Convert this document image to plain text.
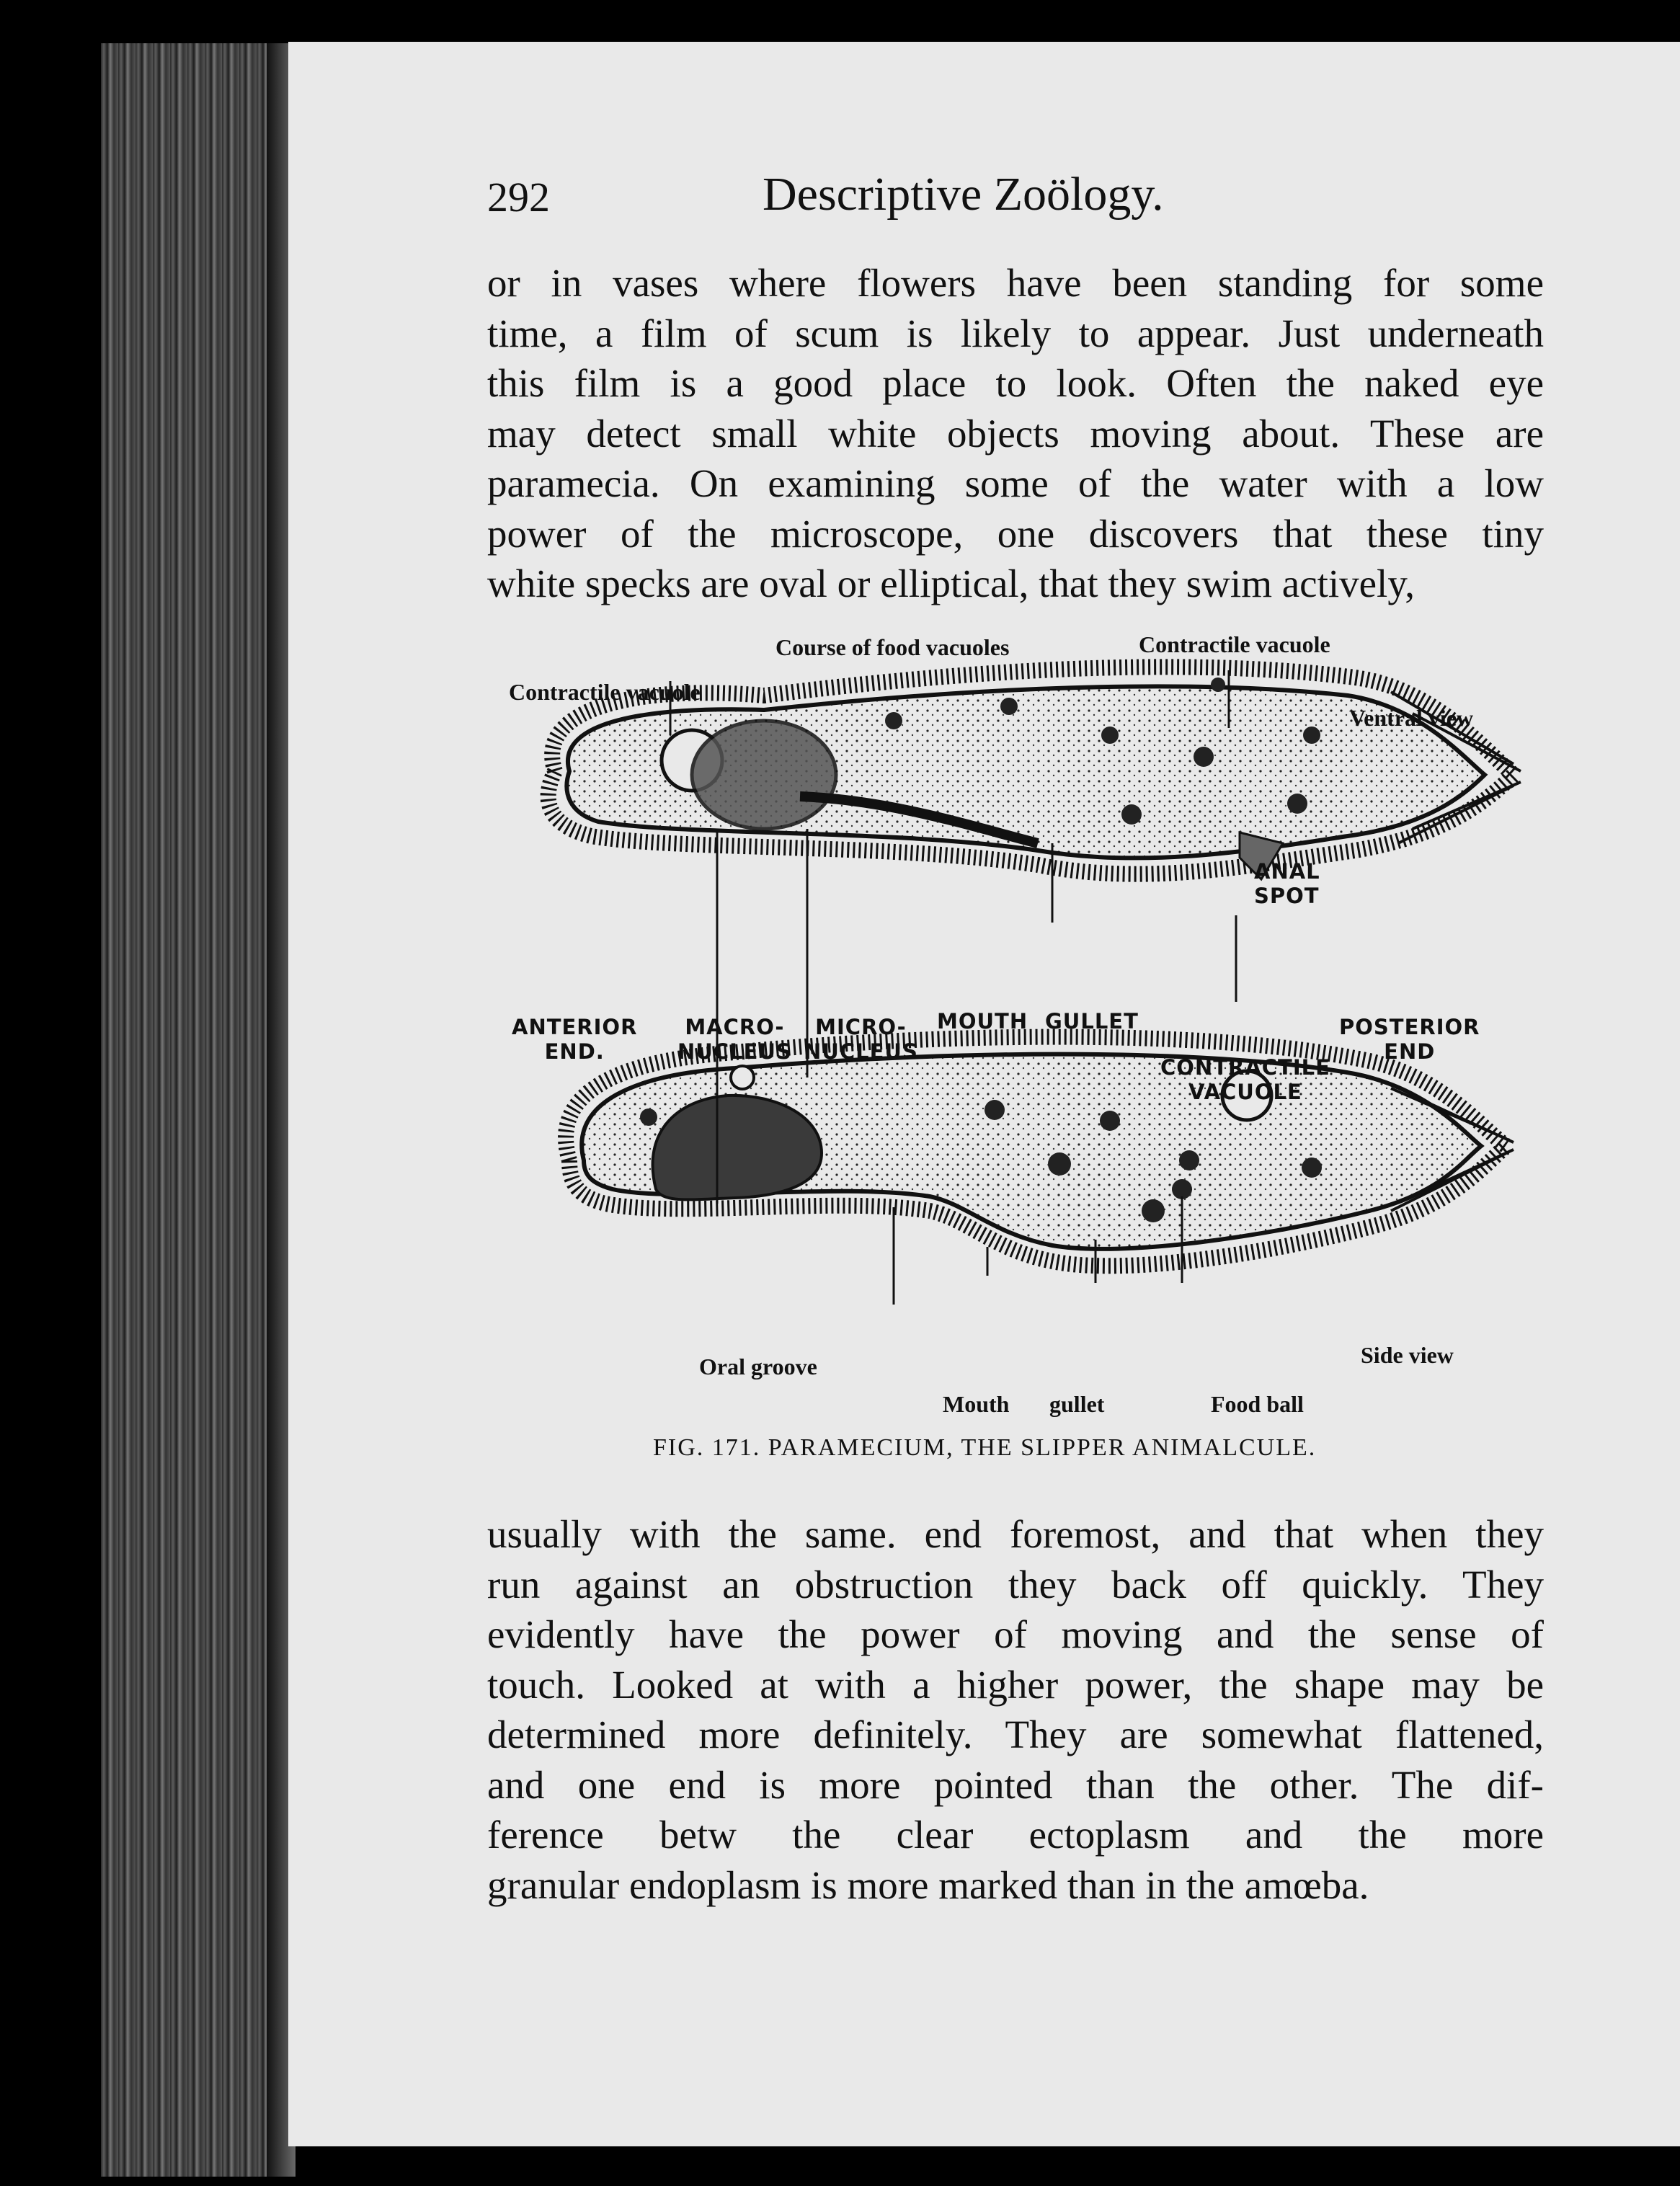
292	Descriptive Zoölogy.
or in vases where flowers have been standing for some
time, a film of scum is likely to appear. Just underneath
this film is a good place to look. Often the naked eye
may detect small white objects moving about. These are
paramecia. On examining some of the water with a low
power of the microscope, one discovers that these tiny
white specks are oval or elliptical, that they swim actively,
Course of food vacuoles	Contractile vacuole
Contractile vacuole
Ventral view
ANAL
SPOT
ANTERIOR
END.
MACRO-
NUCLEUS
MICRO-
NUCLEUS
MOUTH GULLET	POSTERIOR
END
CONTRACTILE
VACUOLE
Oral groove	Side view
Mouth gullet	Food ball
FIG. 171. PARAMECIUM, THE SLIPPER ANIMALCULE.
usually with the same. end foremost, and that when they
run against an obstruction they back off quickly. They
evidently have the power of moving and the sense of
touch. Looked at with a higher power, the shape may be
determined more definitely. They are somewhat flattened,
and one end is more pointed than the other. The dif-
ference betw the clear ectoplasm and the more
granular endoplasm is more marked than in the amœba.
